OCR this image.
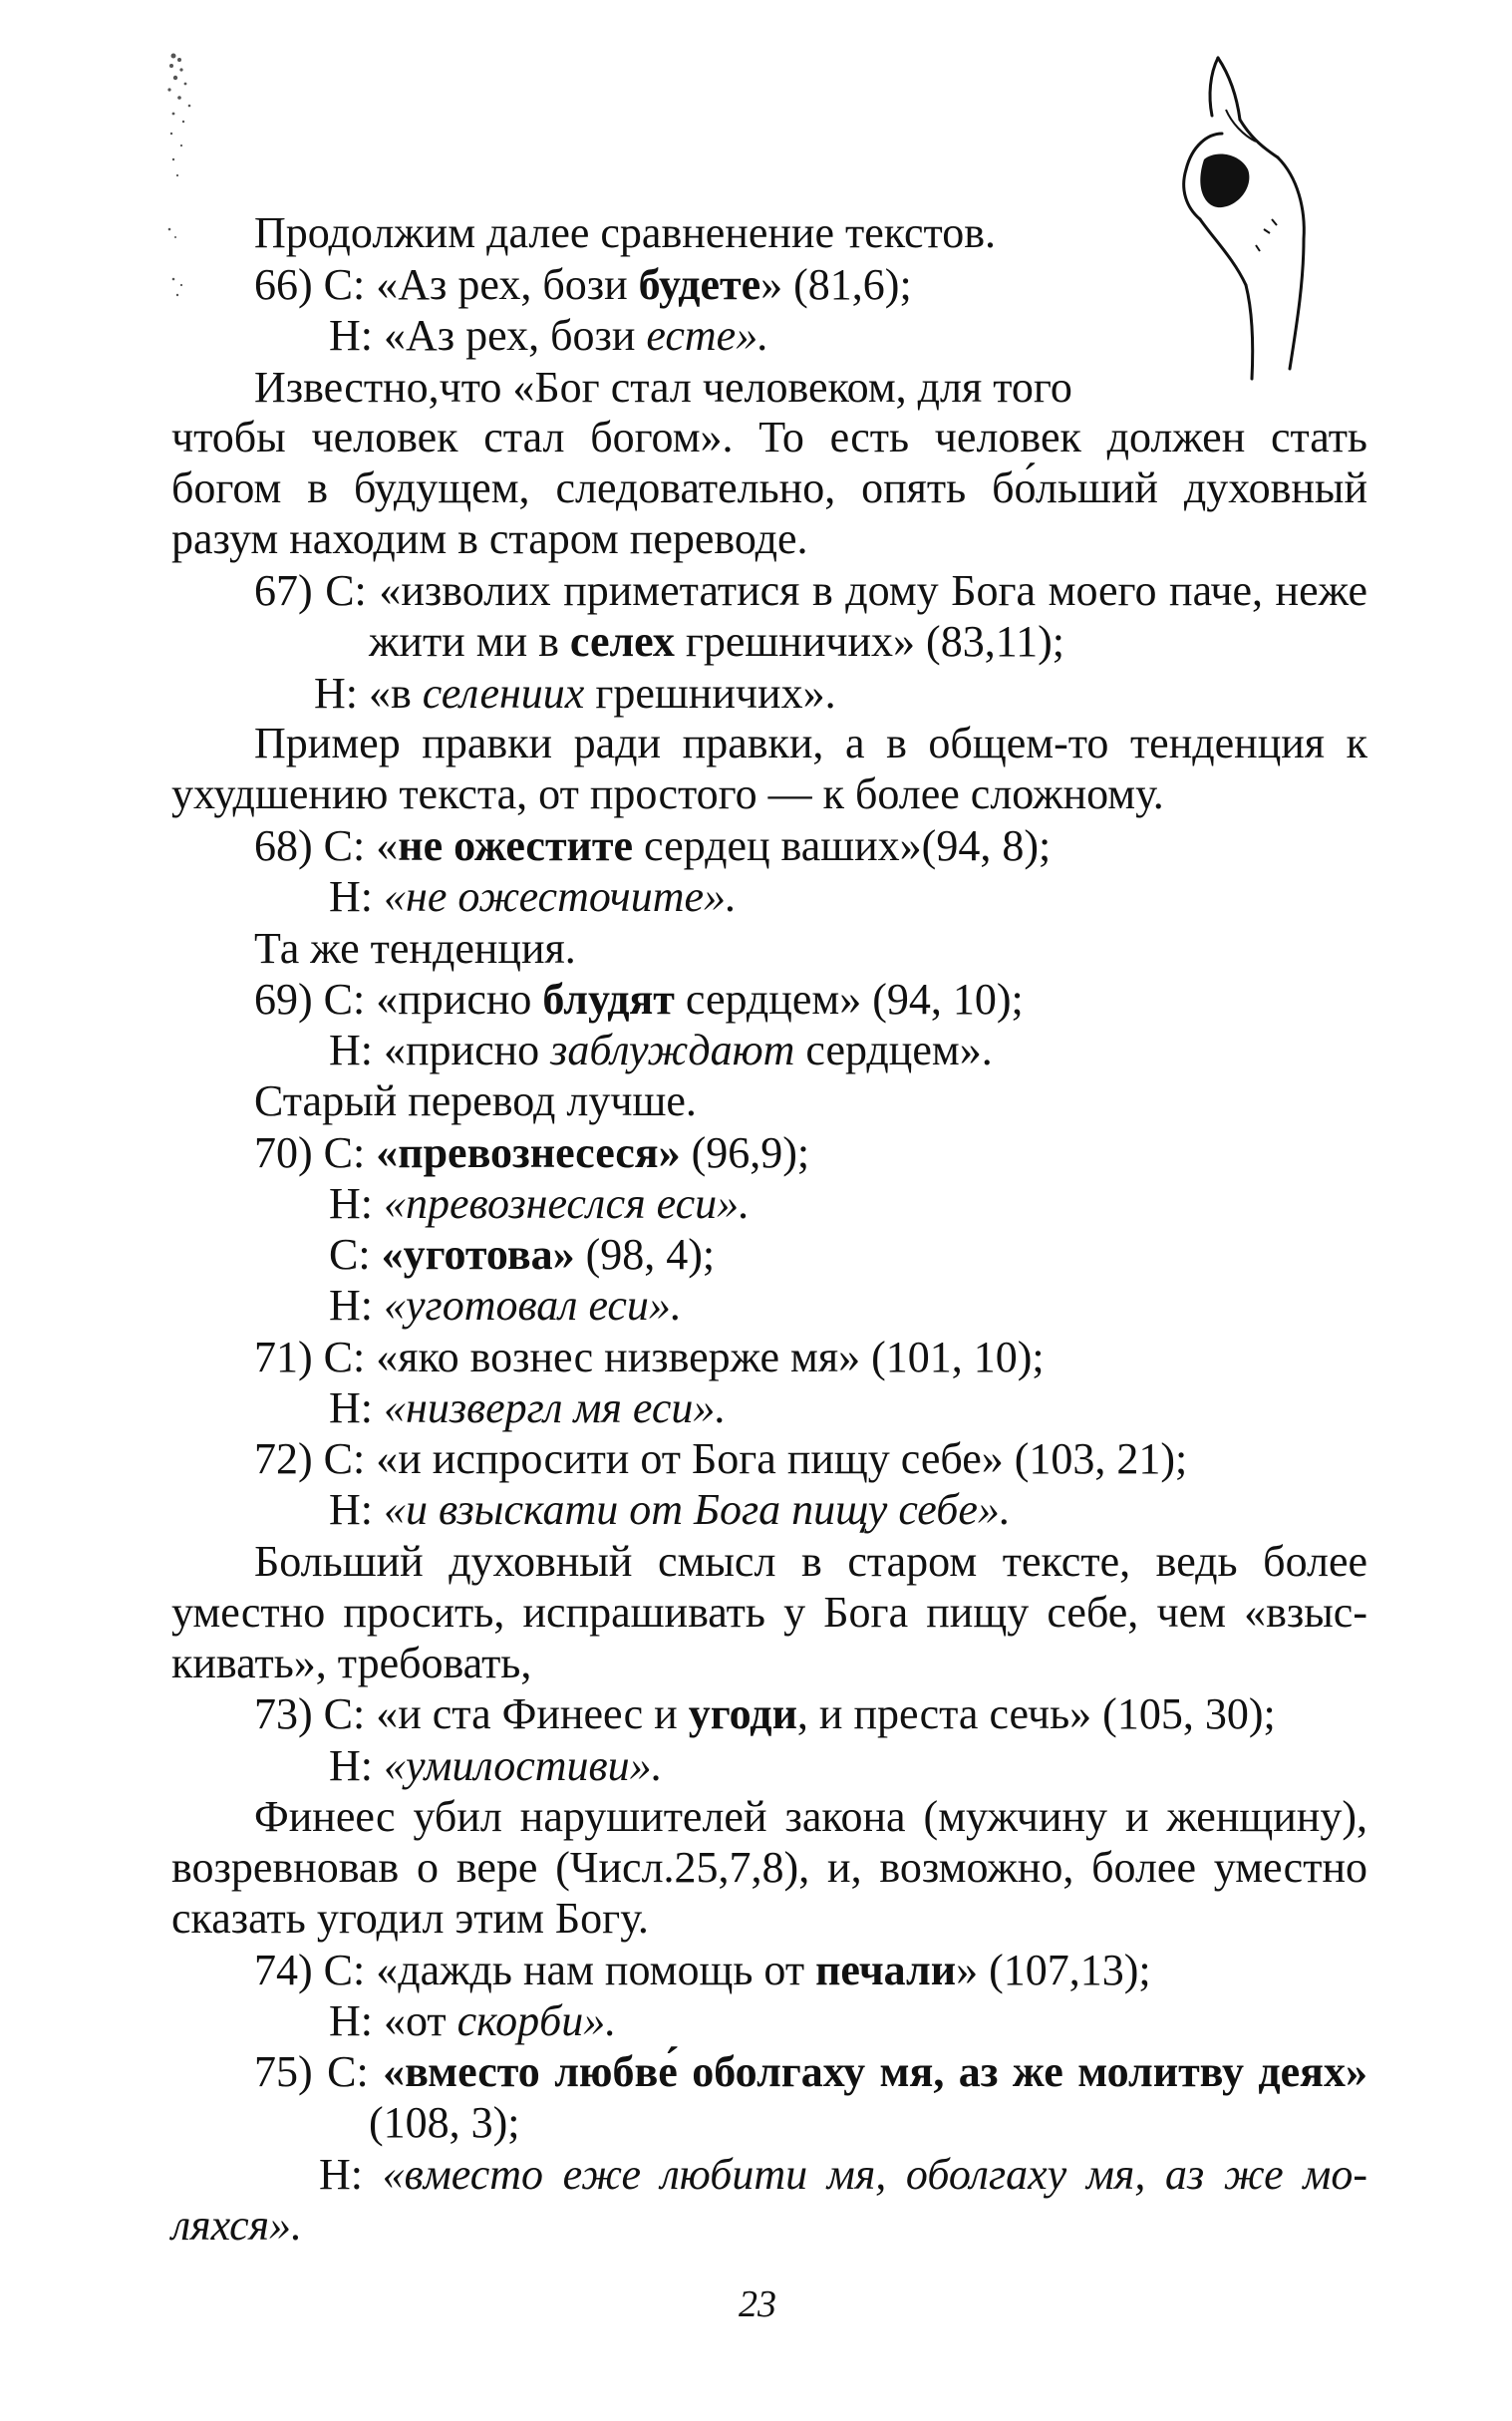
Продолжим далее сравненение текстов.
66) С: «Аз рех, бози будете» (81,6);
Н: «Аз рех, бози есте».
Известно,что «Бог стал человеком, для того
чтобы человек стал богом». То есть человек должен стать
богом в будущем, следовательно, опять бо́льший духовный
разум находим в старом переводе.
67) С: «изволих приметатися в дому Бога моего паче, неже
жити ми в селех грешничих» (83,11);
Н: «в селениих грешничих».
Пример правки ради правки, а в общем-то тенденция к
ухудшению текста, от простого — к более сложному.
68) С: «не ожестите сердец ваших»(94, 8);
Н: «не ожесточите».
Та же тенденция.
69) С: «присно блудят сердцем» (94, 10);
Н: «присно заблуждают сердцем».
Старый перевод лучше.
70) С: «превознесеся» (96,9);
Н: «превознеслся еси».
С: «уготова» (98, 4);
Н: «уготовал еси».
71) С: «яко вознес низверже мя» (101, 10);
Н: «низвергл мя еси».
72) С: «и испросити от Бога пищу себе» (103, 21);
Н: «и взыскати от Бога пищу себе».
Больший духовный смысл в старом тексте, ведь более
уместно просить, испрашивать у Бога пищу себе, чем «взыс-
кивать», требовать,
73) С: «и ста Финеес и угоди, и преста сечь» (105, 30);
Н: «умилостиви».
Финеес убил нарушителей закона (мужчину и женщину),
возревновав о вере (Числ.25,7,8), и, возможно, более уместно
сказать угодил этим Богу.
74) С: «даждь нам помощь от печали» (107,13);
Н: «от скорби».
75) С: «вместо любве́ оболгаху мя, аз же молитву деях»
(108, 3);
Н: «вместо еже любити мя, оболгаху мя, аз же мо-
ляхся».
23
